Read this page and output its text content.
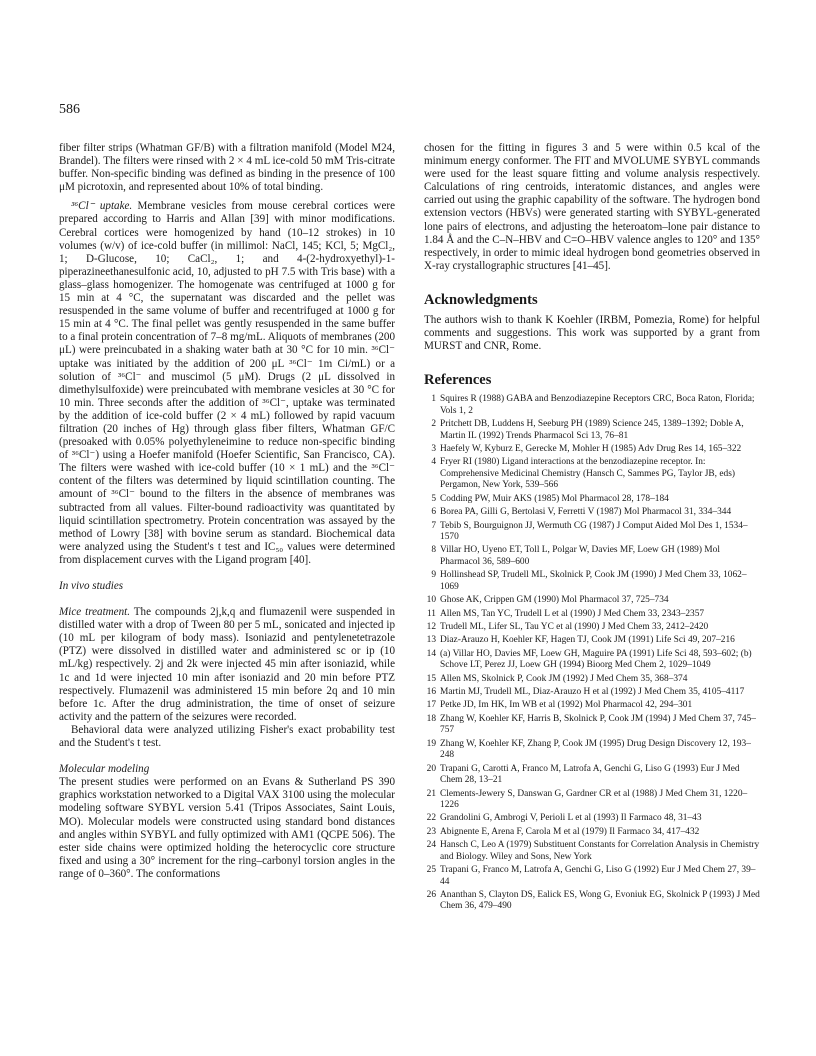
586

fiber filter strips (Whatman GF/B) with a filtration manifold (Model M24, Brandel). The filters were rinsed with 2 × 4 mL ice-cold 50 mM Tris-citrate buffer. Non-specific binding was defined as binding in the presence of 100 μM picrotoxin, and represented about 10% of total binding.

³⁶Cl⁻ uptake. Membrane vesicles from mouse cerebral cortices were prepared according to Harris and Allan [39] with minor modifications. Cerebral cortices were homogenized by hand (10–12 strokes) in 10 volumes (w/v) of ice-cold buffer (in millimol: NaCl, 145; KCl, 5; MgCl₂, 1; D-Glucose, 10; CaCl₂, 1; and 4-(2-hydroxyethyl)-1-piperazineethanesulfonic acid, 10, adjusted to pH 7.5 with Tris base) with a glass–glass homogenizer. The homogenate was centrifuged at 1000 g for 15 min at 4 °C, the supernatant was discarded and the pellet was resuspended in the same volume of buffer and recentrifuged at 1000 g for 15 min at 4 °C. The final pellet was gently resuspended in the same buffer to a final protein concentration of 7–8 mg/mL. Aliquots of membranes (200 μL) were preincubated in a shaking water bath at 30 °C for 10 min. ³⁶Cl⁻ uptake was initiated by the addition of 200 μL ³⁶Cl⁻ 1m Ci/mL) or a solution of ³⁶Cl⁻ and muscimol (5 μM). Drugs (2 μL dissolved in dimethylsulfoxide) were preincubated with membrane vesicles at 30 °C for 10 min. Three seconds after the addition of ³⁶Cl⁻, uptake was terminated by the addition of ice-cold buffer (2 × 4 mL) followed by rapid vacuum filtration (20 inches of Hg) through glass fiber filters, Whatman GF/C (presoaked with 0.05% polyethyleneimine to reduce non-specific binding of ³⁶Cl⁻) using a Hoefer manifold (Hoefer Scientific, San Francisco, CA). The filters were washed with ice-cold buffer (10 × 1 mL) and the ³⁶Cl⁻ content of the filters was determined by liquid scintillation counting. The amount of ³⁶Cl⁻ bound to the filters in the absence of membranes was subtracted from all values. Filter-bound radioactivity was quantitated by liquid scintillation spectrometry. Protein concentration was assayed by the method of Lowry [38] with bovine serum as standard. Biochemical data were analyzed using the Student's t test and IC₅₀ values were determined from displacement curves with the Ligand program [40].

In vivo studies

Mice treatment. The compounds 2j,k,q and flumazenil were suspended in distilled water with a drop of Tween 80 per 5 mL, sonicated and injected ip (10 mL per kilogram of body mass). Isoniazid and pentylenetetrazole (PTZ) were dissolved in distilled water and administered sc or ip (10 mL/kg) respectively. 2j and 2k were injected 45 min after isoniazid, while 1c and 1d were injected 10 min after isoniazid and 20 min before PTZ respectively. Flumazenil was administered 15 min before 2q and 10 min before 1c. After the drug administration, the time of onset of seizure activity and the pattern of the seizures were recorded.

Behavioral data were analyzed utilizing Fisher's exact probability test and the Student's t test.

Molecular modeling

The present studies were performed on an Evans & Sutherland PS 390 graphics workstation networked to a Digital VAX 3100 using the molecular modeling software SYBYL version 5.41 (Tripos Associates, Saint Louis, MO). Molecular models were constructed using standard bond distances and angles within SYBYL and fully optimized with AM1 (QCPE 506). The ester side chains were optimized holding the heterocyclic core structure fixed and using a 30° increment for the ring–carbonyl torsion angles in the range of 0–360°. The conformations

chosen for the fitting in figures 3 and 5 were within 0.5 kcal of the minimum energy conformer. The FIT and MVOLUME SYBYL commands were used for the least square fitting and volume analysis respectively. Calculations of ring centroids, interatomic distances, and angles were carried out using the graphic capability of the software. The hydrogen bond extension vectors (HBVs) were generated starting with SYBYL-generated lone pairs of electrons, and adjusting the heteroatom–lone pair distance to 1.84 Å and the C–N–HBV and C=O–HBV valence angles to 120° and 135° respectively, in order to mimic ideal hydrogen bond geometries observed in X-ray crystallographic structures [41–45].

Acknowledgments

The authors wish to thank K Koehler (IRBM, Pomezia, Rome) for helpful comments and suggestions. This work was supported by a grant from MURST and CNR, Rome.

References
1 Squires R (1988) GABA and Benzodiazepine Receptors CRC, Boca Raton, Florida; Vols 1, 2
2 Pritchett DB, Luddens H, Seeburg PH (1989) Science 245, 1389–1392; Doble A, Martin IL (1992) Trends Pharmacol Sci 13, 76–81
3 Haefely W, Kyburz E, Gerecke M, Mohler H (1985) Adv Drug Res 14, 165–322
4 Fryer RI (1980) Ligand interactions at the benzodiazepine receptor. In: Comprehensive Medicinal Chemistry (Hansch C, Sammes PG, Taylor JB, eds) Pergamon, New York, 539–566
5 Codding PW, Muir AKS (1985) Mol Pharmacol 28, 178–184
6 Borea PA, Gilli G, Bertolasi V, Ferretti V (1987) Mol Pharmacol 31, 334–344
7 Tebib S, Bourguignon JJ, Wermuth CG (1987) J Comput Aided Mol Des 1, 1534–1570
8 Villar HO, Uyeno ET, Toll L, Polgar W, Davies MF, Loew GH (1989) Mol Pharmacol 36, 589–600
9 Hollinshead SP, Trudell ML, Skolnick P, Cook JM (1990) J Med Chem 33, 1062–1069
10 Ghose AK, Crippen GM (1990) Mol Pharmacol 37, 725–734
11 Allen MS, Tan YC, Trudell L et al (1990) J Med Chem 33, 2343–2357
12 Trudell ML, Lifer SL, Tau YC et al (1990) J Med Chem 33, 2412–2420
13 Diaz-Arauzo H, Koehler KF, Hagen TJ, Cook JM (1991) Life Sci 49, 207–216
14 (a) Villar HO, Davies MF, Loew GH, Maguire PA (1991) Life Sci 48, 593–602; (b) Schove LT, Perez JJ, Loew GH (1994) Bioorg Med Chem 2, 1029–1049
15 Allen MS, Skolnick P, Cook JM (1992) J Med Chem 35, 368–374
16 Martin MJ, Trudell ML, Diaz-Arauzo H et al (1992) J Med Chem 35, 4105–4117
17 Petke JD, Im HK, Im WB et al (1992) Mol Pharmacol 42, 294–301
18 Zhang W, Koehler KF, Harris B, Skolnick P, Cook JM (1994) J Med Chem 37, 745–757
19 Zhang W, Koehler KF, Zhang P, Cook JM (1995) Drug Design Discovery 12, 193–248
20 Trapani G, Carotti A, Franco M, Latrofa A, Genchi G, Liso G (1993) Eur J Med Chem 28, 13–21
21 Clements-Jewery S, Danswan G, Gardner CR et al (1988) J Med Chem 31, 1220–1226
22 Grandolini G, Ambrogi V, Perioli L et al (1993) Il Farmaco 48, 31–43
23 Abignente E, Arena F, Carola M et al (1979) Il Farmaco 34, 417–432
24 Hansch C, Leo A (1979) Substituent Constants for Correlation Analysis in Chemistry and Biology. Wiley and Sons, New York
25 Trapani G, Franco M, Latrofa A, Genchi G, Liso G (1992) Eur J Med Chem 27, 39–44
26 Ananthan S, Clayton DS, Ealick ES, Wong G, Evoniuk EG, Skolnick P (1993) J Med Chem 36, 479–490
